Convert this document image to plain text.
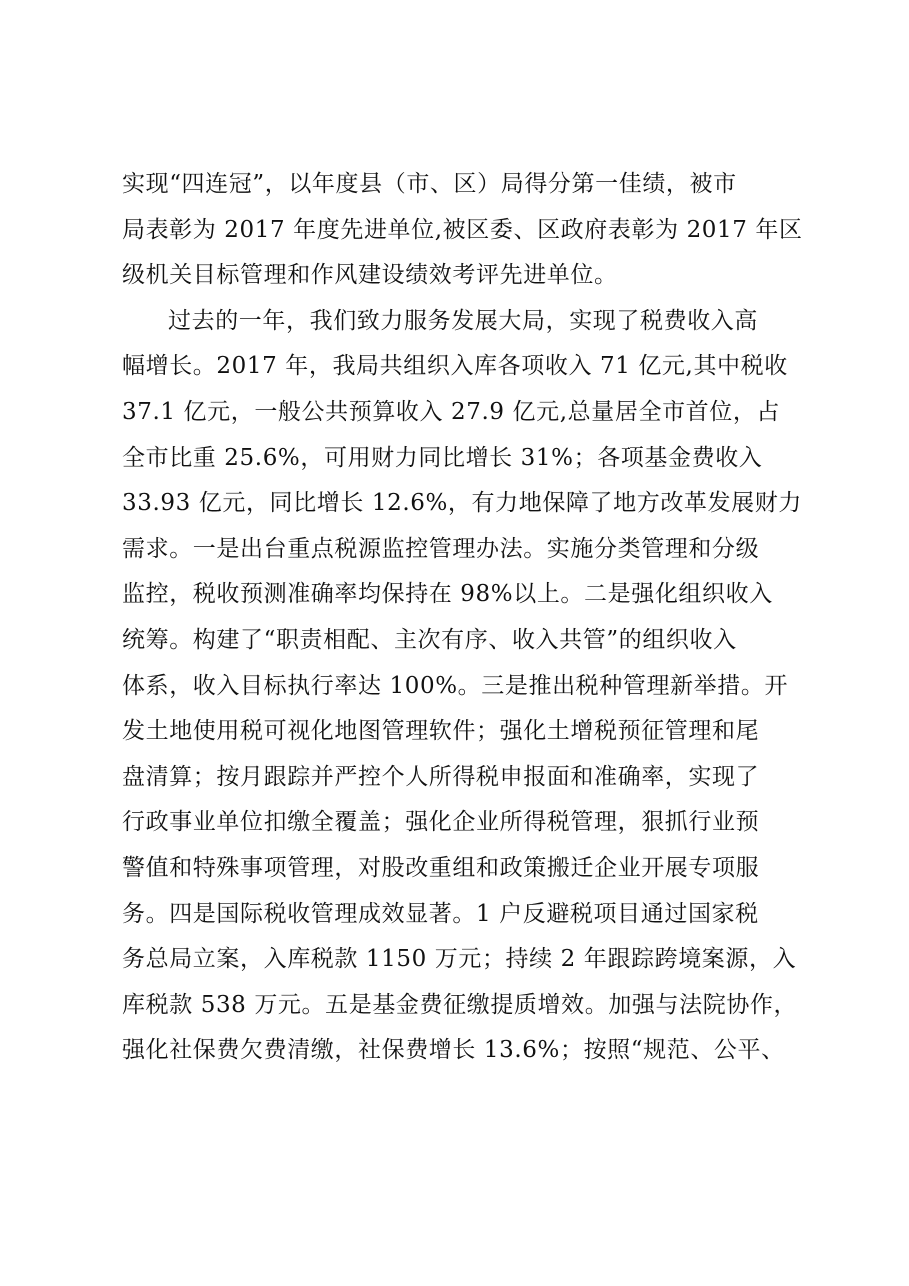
实现“四连冠”，以年度县（市、区）局得分第一佳绩，被市
局表彰为 2017 年度先进单位,被区委、区政府表彰为 2017 年区
级机关目标管理和作风建设绩效考评先进单位。
过去的一年，我们致力服务发展大局，实现了税费收入高
幅增长。2017 年，我局共组织入库各项收入 71 亿元,其中税收
37.1 亿元，一般公共预算收入 27.9 亿元,总量居全市首位，占
全市比重 25.6%，可用财力同比增长 31%；各项基金费收入
33.93 亿元，同比增长 12.6%，有力地保障了地方改革发展财力
需求。一是出台重点税源监控管理办法。实施分类管理和分级
监控，税收预测准确率均保持在 98%以上。二是强化组织收入
统筹。构建了“职责相配、主次有序、收入共管”的组织收入
体系，收入目标执行率达 100%。三是推出税种管理新举措。开
发土地使用税可视化地图管理软件；强化土增税预征管理和尾
盘清算；按月跟踪并严控个人所得税申报面和准确率，实现了
行政事业单位扣缴全覆盖；强化企业所得税管理，狠抓行业预
警值和特殊事项管理，对股改重组和政策搬迁企业开展专项服
务。四是国际税收管理成效显著。1 户反避税项目通过国家税
务总局立案，入库税款 1150 万元；持续 2 年跟踪跨境案源，入
库税款 538 万元。五是基金费征缴提质增效。加强与法院协作，
强化社保费欠费清缴，社保费增长 13.6%；按照“规范、公平、
